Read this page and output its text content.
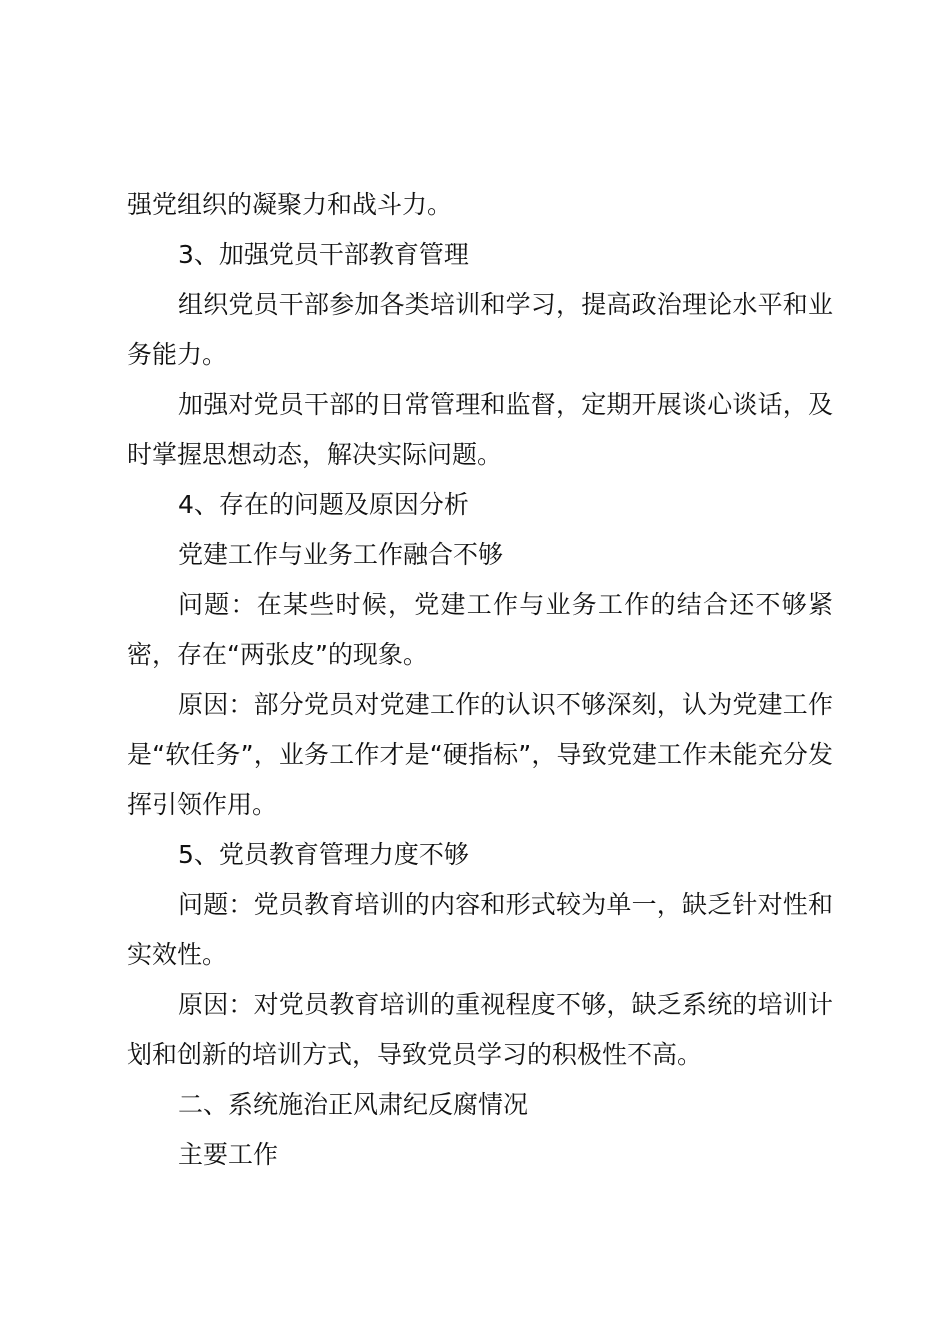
强党组织的凝聚力和战斗力。

3、加强党员干部教育管理

组织党员干部参加各类培训和学习，提高政治理论水平和业务能力。

加强对党员干部的日常管理和监督，定期开展谈心谈话，及时掌握思想动态，解决实际问题。

4、存在的问题及原因分析

党建工作与业务工作融合不够

问题：在某些时候，党建工作与业务工作的结合还不够紧密，存在“两张皮”的现象。

原因：部分党员对党建工作的认识不够深刻，认为党建工作是“软任务”，业务工作才是“硬指标”，导致党建工作未能充分发挥引领作用。

5、党员教育管理力度不够

问题：党员教育培训的内容和形式较为单一，缺乏针对性和实效性。

原因：对党员教育培训的重视程度不够，缺乏系统的培训计划和创新的培训方式，导致党员学习的积极性不高。

二、系统施治正风肃纪反腐情况

主要工作
